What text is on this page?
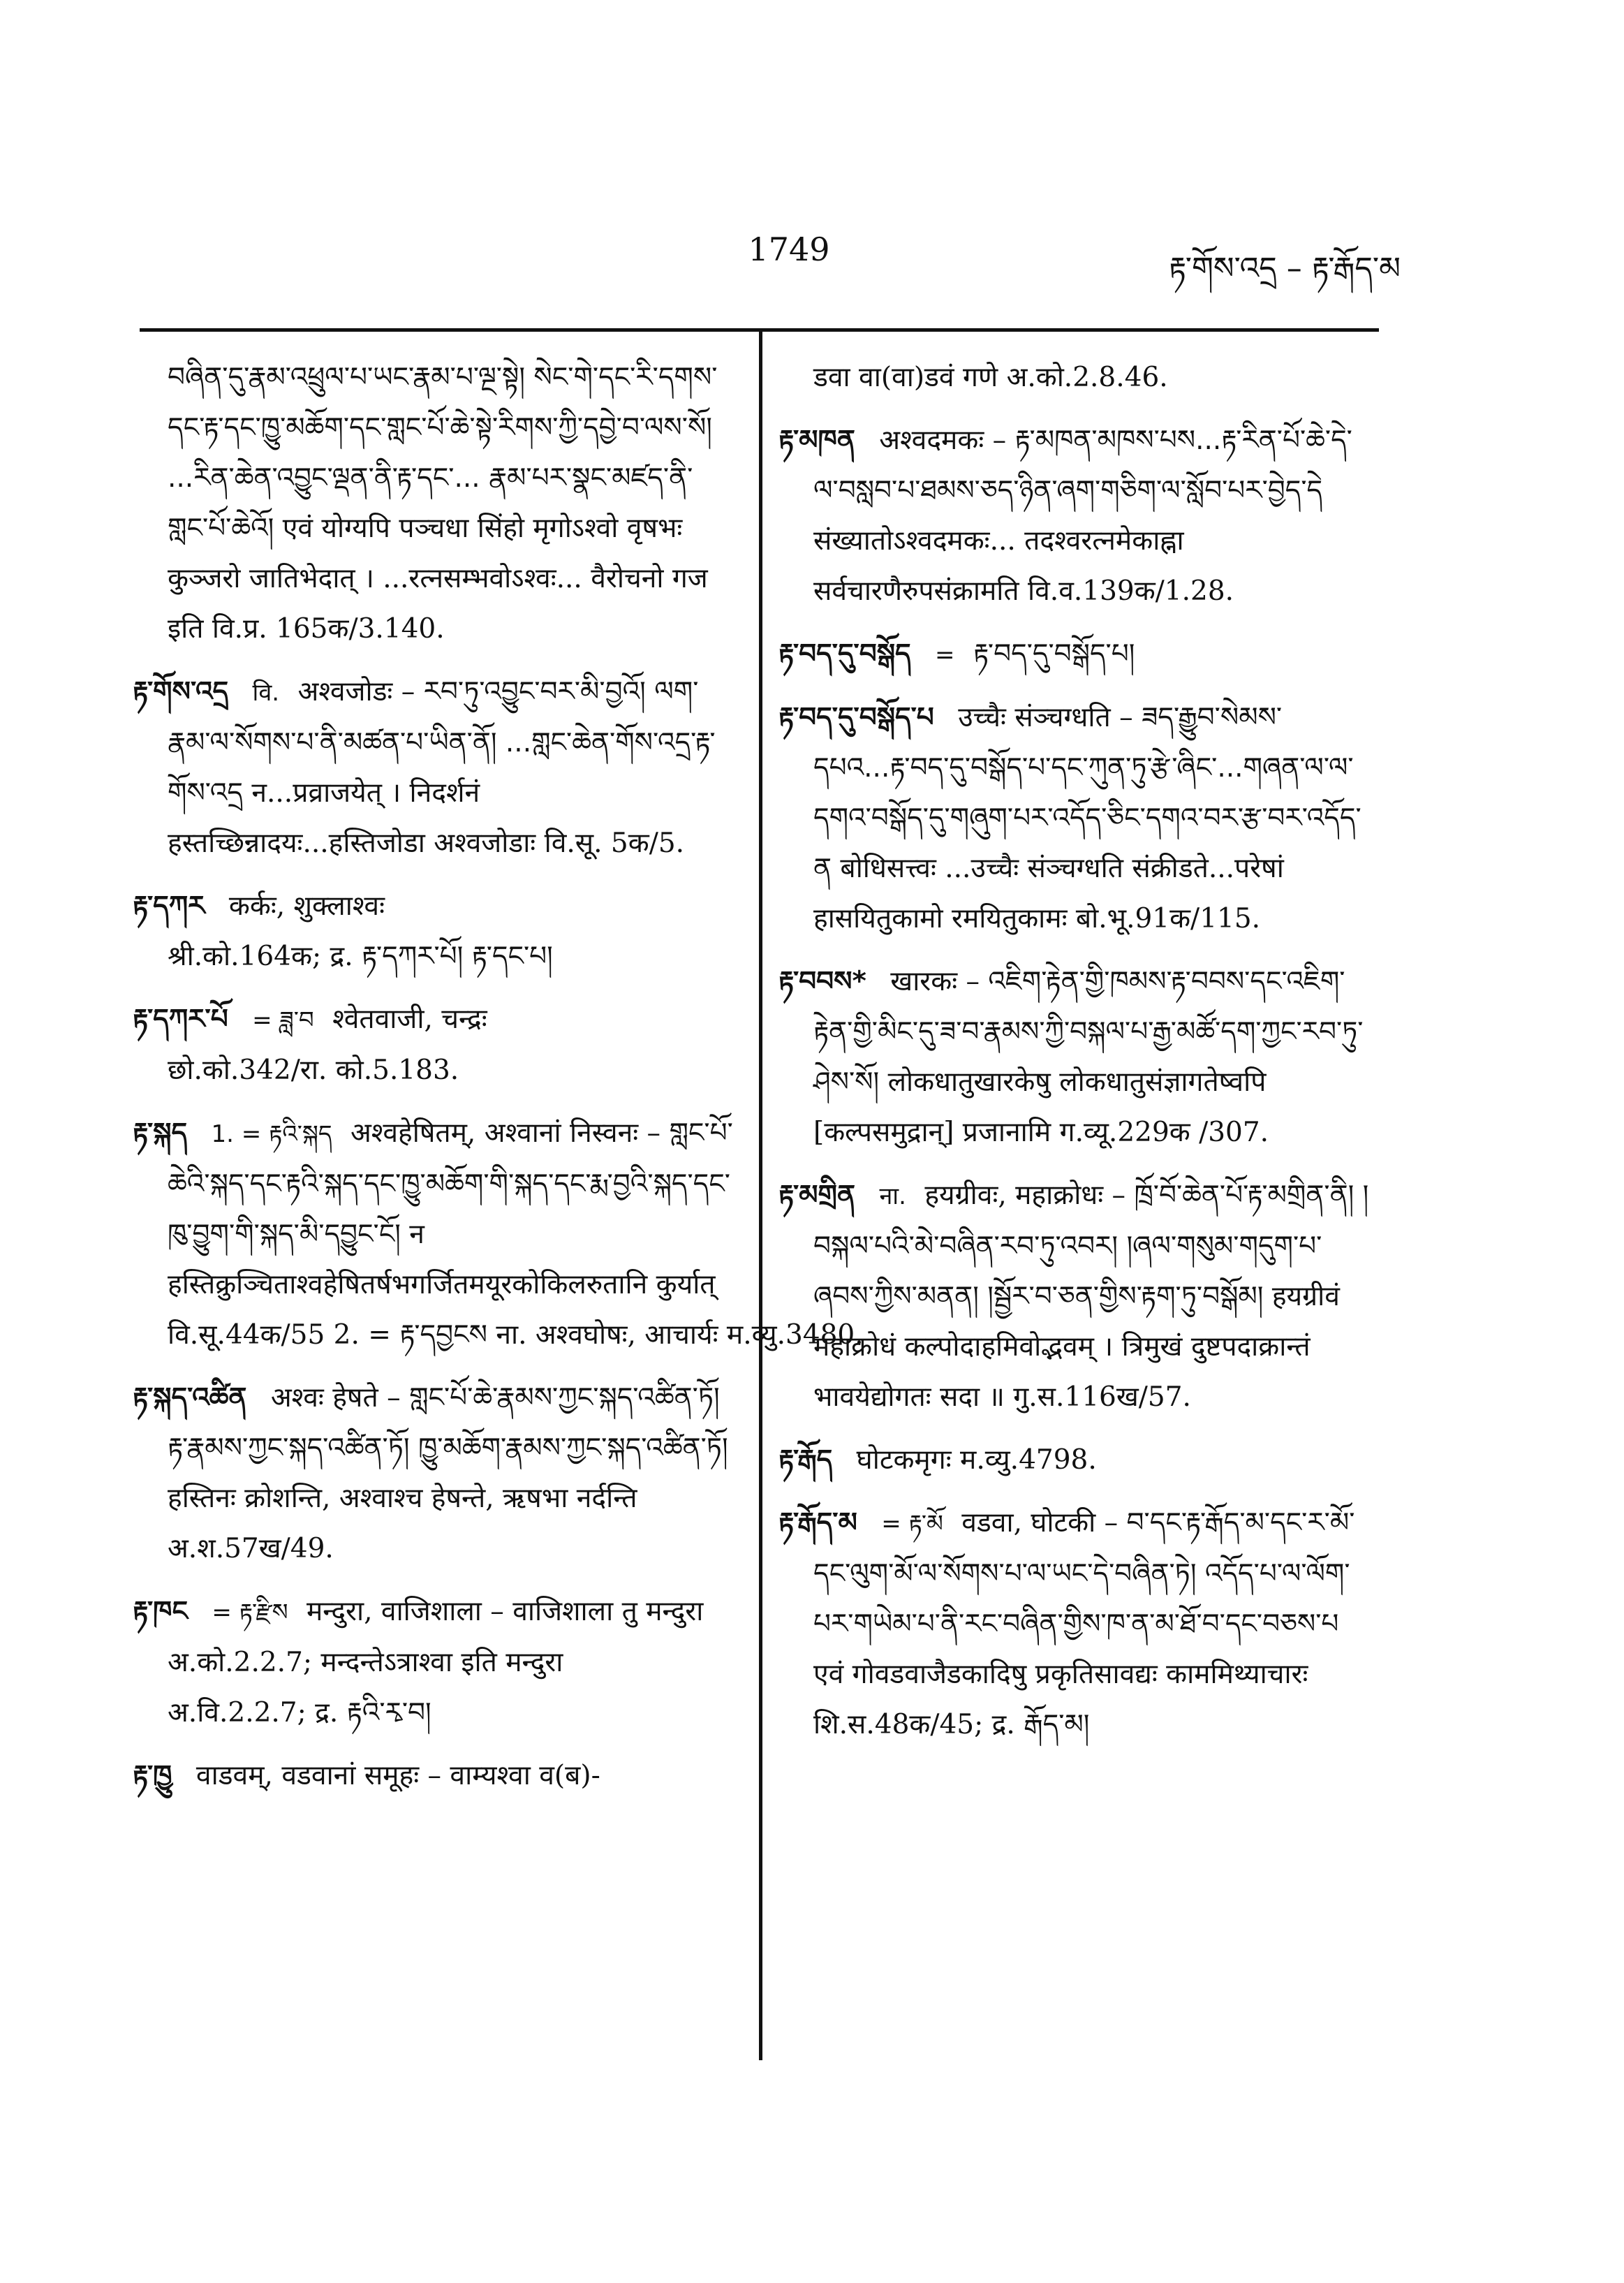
1749
རྟ་གོས་འདྲ – རྟ་རྒོད་མ
བཞིན་དུ་རྣམ་འཕྲུལ་པ་ཡང་རྣམ་པ་ལྔ་སྟེ། སེང་གེ་དང་རི་དགས་དང་རྟ་དང་ཁྱུ་མཆོག་དང་གླང་པོ་ཆེ་སྟེ་རིགས་ཀྱི་དབྱེ་བ་ལས་སོ། ...རིན་ཆེན་འབྱུང་ལྡན་ནི་རྟ་དང་... རྣམ་པར་སྣང་མཛད་ནི་གླང་པོ་ཆེའོ། एवं योग्यपि पञ्चधा सिंहो मृगोऽश्वो वृषभः कुञ्जरो जातिभेदात् । ...रत्नसम्भवोऽश्वः... वैरोचनो गज इति वि.प्र. 165क/3.140.
རྟ་གོས་འདྲ वि. अश्वजोडः – རབ་ཏུ་འབྱུང་བར་མི་བྱའོ། ལག་རྣམ་ལ་སོགས་པ་ནི་མཚན་པ་ཡིན་ནོ། ...གླང་ཆེན་གོས་འདྲ་རྟ་གོས་འདྲ न...प्रव्राजयेत् । निदर्शनं हस्तच्छिन्नादयः...हस्तिजोडा अश्वजोडाः वि.सू. 5क/5.
རྟ་དཀར कर्कः, शुक्लाश्वः श्री.को.164क; द्र. རྟ་དཀར་པོ། རྟ་དང་པ།
རྟ་དཀར་པོ = ཟླ་བ श्वेतवाजी, चन्द्रः छो.को.342/रा. को.5.183.
རྟ་སྐད 1. = རྟའི་སྐད अश्वहेषितम्, अश्वानां निस्वनः – གླང་པོ་ཆེའི་སྐད་དང་རྟའི་སྐད་དང་ཁྱུ་མཆོག་གི་སྐད་དང་རྨ་བྱའི་སྐད་དང་ཁུ་བྱུག་གི་སྐད་མི་དབྱུང་ངོ། न हस्तिक्रुञ्चिताश्वहेषितर्षभगर्जितमयूरकोकिलरुतानि कुर्यात् वि.सू.44क/55 2. = རྟ་དབྱངས ना. अश्वघोषः, आचार्यः म.व्यु.3480.
རྟ་སྐད་འཚིན अश्वः हेषते – གླང་པོ་ཆེ་རྣམས་ཀྱང་སྐད་འཚིན་ཏོ། རྟ་རྣམས་ཀྱང་སྐད་འཚིན་ཏོ། ཁྱུ་མཆོག་རྣམས་ཀྱང་སྐད་འཚིན་ཏོ། हस्तिनः क्रोशन्ति, अश्वाश्च हेषन्ते, ऋषभा नर्दन्ति अ.श.57ख/49.
རྟ་ཁང = རྟ་རྫིས मन्दुरा, वाजिशाला – वाजिशाला तु मन्दुरा अ.को.2.2.7; मन्दन्तेऽत्राश्वा इति मन्दुरा अ.वि.2.2.7; द्र. རྟའི་རྭ་བ།
རྟ་ཁྱུ वाडवम्, वडवानां समूहः – वाम्यश्वा व(ब)-
डवा वा(वा)डवं गणे अ.को.2.8.46.
རྟ་མཁན अश्वदमकः – རྟ་མཁན་མཁས་པས...རྟ་རིན་པོ་ཆེ་དེ་ལ་བསླབ་པ་ཐམས་ཅད་ཉིན་ཞག་གཅིག་ལ་སློབ་པར་བྱེད་དེ संख्यातोऽश्वदमकः... तदश्वरत्नमेकाह्ना सर्वचारणैरुपसंक्रामति वि.व.139क/1.28.
རྟ་བད་དུ་བསྒོད = རྟ་བད་དུ་བསྒོད་པ།
རྟ་བད་དུ་བསྒོད་པ उच्चैः संञ्चग्धति – ཟད་རྒྱུབ་སེམས་དཔའ...རྟ་བད་དུ་བསྒོད་པ་དང་ཀུན་ཏུ་རྩེ་ཞིང་...གཞན་ལ་ལ་དགའ་བསྒོད་དུ་གཞུག་པར་འདོད་ཅིང་དགའ་བར་རྩ་བར་འདོད་ན बोधिसत्त्वः ...उच्चैः संञ्चग्धति संक्रीडते...परेषां हासयितुकामो रमयितुकामः बो.भू.91क/115.
རྟ་བབས* खारकः – འཇིག་རྟེན་གྱི་ཁམས་རྟ་བབས་དང་འཇིག་རྟེན་གྱི་མིང་དུ་ཟ་བ་རྣམས་ཀྱི་བསྐལ་པ་རྒྱ་མཚོ་དག་ཀྱང་རབ་ཏུ་ཤེས་སོ། लोकधातुखारकेषु लोकधातुसंज्ञागतेष्वपि [कल्पसमुद्रान्] प्रजानामि ग.व्यू.229क /307.
རྟ་མགྲིན ना. हयग्रीवः, महाक्रोधः – ཁྲོ་བོ་ཆེན་པོ་རྟ་མགྲིན་ནི། །བསྐལ་པའི་མེ་བཞིན་རབ་ཏུ་འབར། །ཞལ་གསུམ་གདུག་པ་ཞབས་ཀྱིས་མནན། །སྦྱོར་བ་ཅན་གྱིས་རྟག་ཏུ་བསྒོམ། हयग्रीवं महाक्रोधं कल्पोदाहमिवोद्भवम् । त्रिमुखं दुष्टपदाक्रान्तं भावयेद्योगतः सदा ॥ गु.स.116ख/57.
རྟ་རྒོད घोटकमृगः म.व्यु.4798.
རྟ་རྒོད་མ = རྟ་མོ वडवा, घोटकी – བ་དང་རྟ་རྒོད་མ་དང་ར་མོ་དང་ལུག་མོ་ལ་སོགས་པ་ལ་ཡང་དེ་བཞིན་ཏེ། འདོད་པ་ལ་ལོག་པར་གཡེམ་པ་ནི་རང་བཞིན་གྱིས་ཁ་ན་མ་ཐོ་བ་དང་བཅས་པ एवं गोवडवाजैडकादिषु प्रकृतिसावद्यः काममिथ्याचारः शि.स.48क/45; द्र. རྒོད་མ།
